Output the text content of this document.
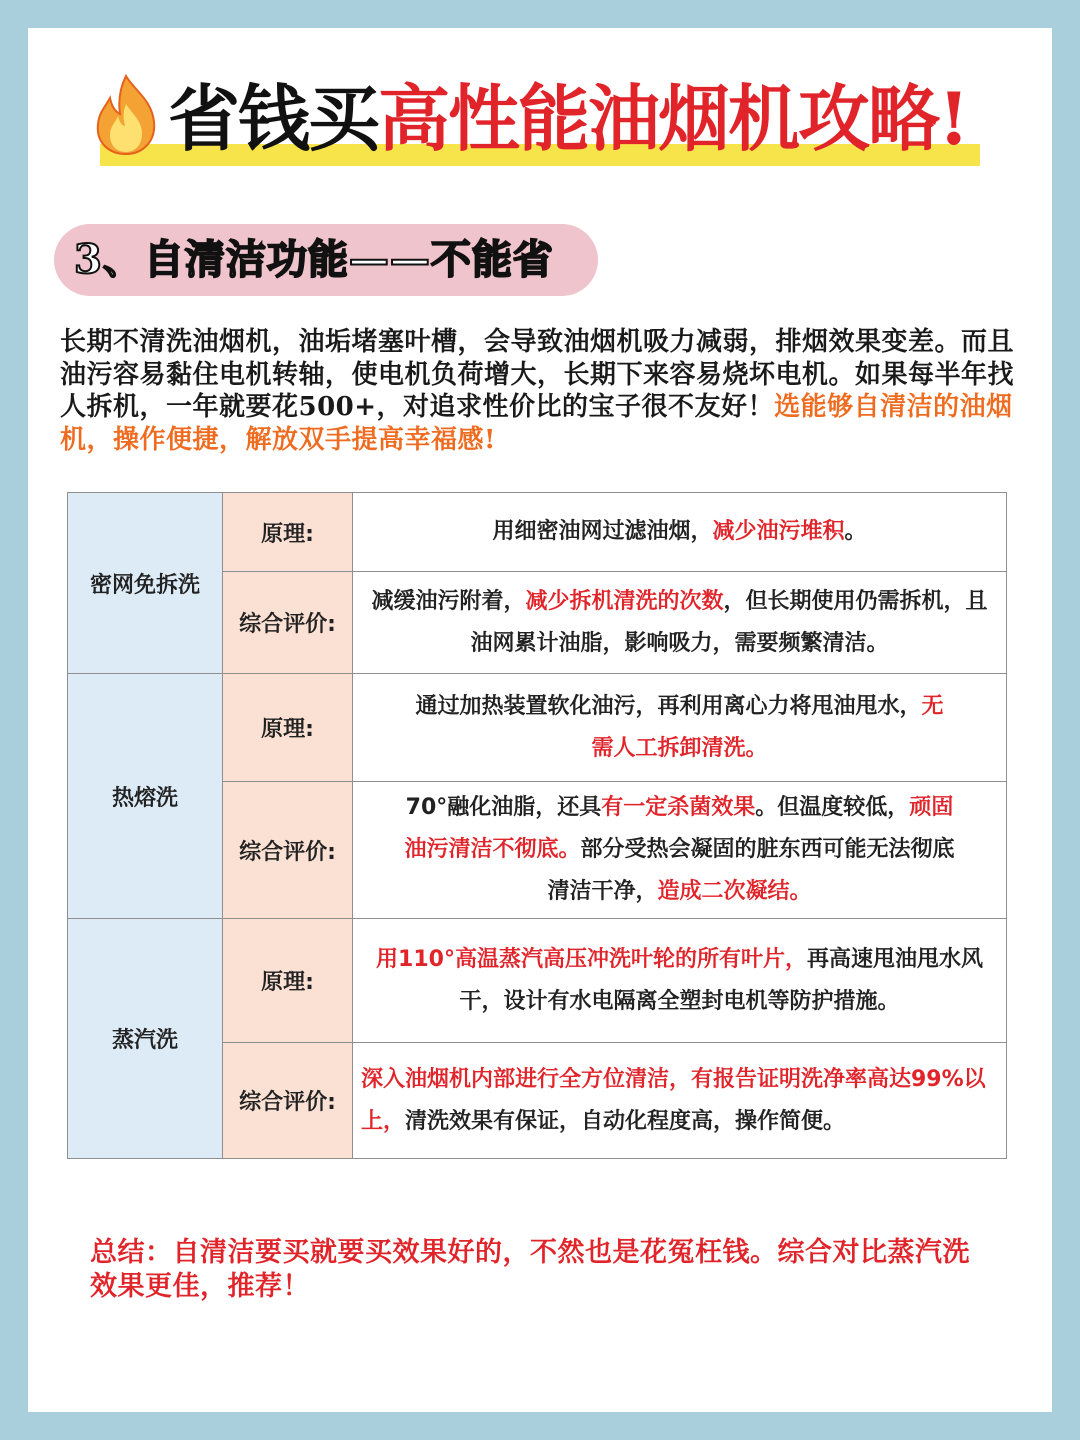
省钱买高性能油烟机攻略!
3、自清洁功能——不能省
长期不清洗油烟机，油垢堵塞叶槽，会导致油烟机吸力减弱，排烟效果变差。而且油污容易黏住电机转轴，使电机负荷增大，长期下来容易烧坏电机。如果每半年找人拆机，一年就要花500+，对追求性价比的宝子很不友好！选能够自清洁的油烟机，操作便捷，解放双手提高幸福感!
密网免拆洗	原理:	用细密油网过滤油烟，减少油污堆积。
	综合评价:	减缓油污附着，减少拆机清洗的次数，但长期使用仍需拆机，且油网累计油脂，影响吸力，需要频繁清洁。
热熔洗	原理:	通过加热装置软化油污，再利用离心力将甩油甩水，无需人工拆卸清洗。
	综合评价:	70°融化油脂，还具有一定杀菌效果。但温度较低，顽固油污清洁不彻底。部分受热会凝固的脏东西可能无法彻底清洁干净，造成二次凝结。
蒸汽洗	原理:	用110°高温蒸汽高压冲洗叶轮的所有叶片，再高速甩油甩水风干，设计有水电隔离全塑封电机等防护措施。
	综合评价:	深入油烟机内部进行全方位清洁，有报告证明洗净率高达99%以上，清洗效果有保证，自动化程度高，操作简便。
总结：自清洁要买就要买效果好的，不然也是花冤枉钱。综合对比蒸汽洗效果更佳，推荐！
